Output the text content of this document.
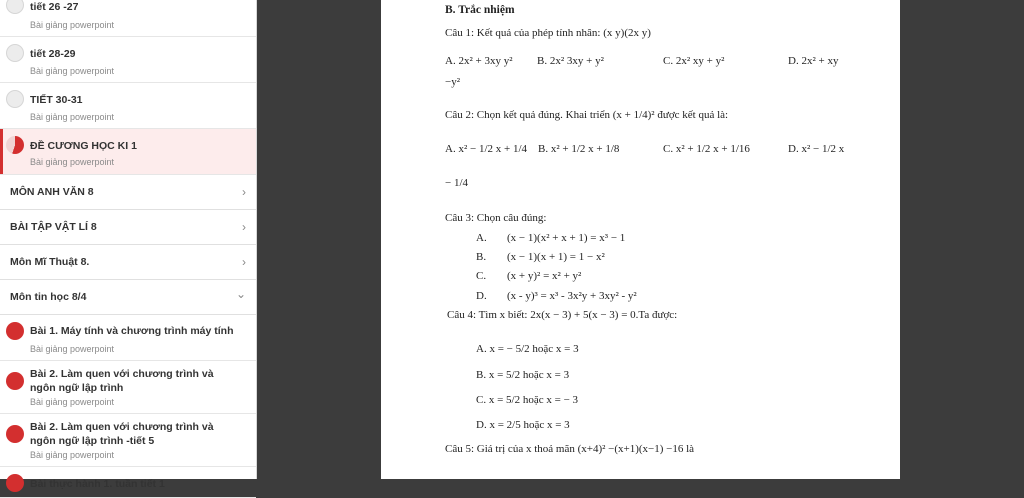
tiết 26 -27
Bài giảng powerpoint
tiết 28-29
Bài giảng powerpoint
TIẾT 30-31
Bài giảng powerpoint
ĐỀ CƯƠNG HỌC KI 1
Bài giảng powerpoint
MÔN ANH VĂN 8	›
BÀI TẬP VẬT LÍ 8	›
Môn Mĩ Thuật 8.	›
Môn tin học 8/4	⌄
Bài 1. Máy tính và chương trình máy tính
Bài giảng powerpoint
Bài 2. Làm quen với chương trình và ngôn ngữ lập trình
Bài giảng powerpoint
Bài 2. Làm quen với chương trình và ngôn ngữ lập trình -tiết 5
Bài giảng powerpoint
Bài thực hành 1. tuần tiết 1
B. Trắc nhiệm
Câu 1: Kết quả của phép tính nhân: (x y)(2x y)
A. 2x² + 3xy y² B. 2x² 3xy + y²	C. 2x² xy + y²	D. 2x² + xy
−y²
Câu 2: Chọn kết quả đúng. Khai triển (x + 1/4)² được kết quả là:
A. x² − 1/2 x + 1/4 B. x² + 1/2 x + 1/8	C. x² + 1/2 x + 1/16	D. x² − 1/2 x
− 1/4
Câu 3: Chọn câu đúng:
A. (x − 1)(x² + x + 1) = x³ − 1
B. (x − 1)(x + 1) = 1 − x²
C. (x + y)² = x² + y²
D. (x - y)³ = x³ - 3x²y + 3xy² - y²
Câu 4: Tìm x biết: 2x(x − 3) + 5(x − 3) = 0.Ta được:
A. x = − 5/2 hoặc x = 3
B. x = 5/2 hoặc x = 3
C. x = 5/2 hoặc x = − 3
D. x = 2/5 hoặc x = 3
Câu 5: Giá trị của x thoả mãn (x+4)² −(x+1)(x−1) −16 là
